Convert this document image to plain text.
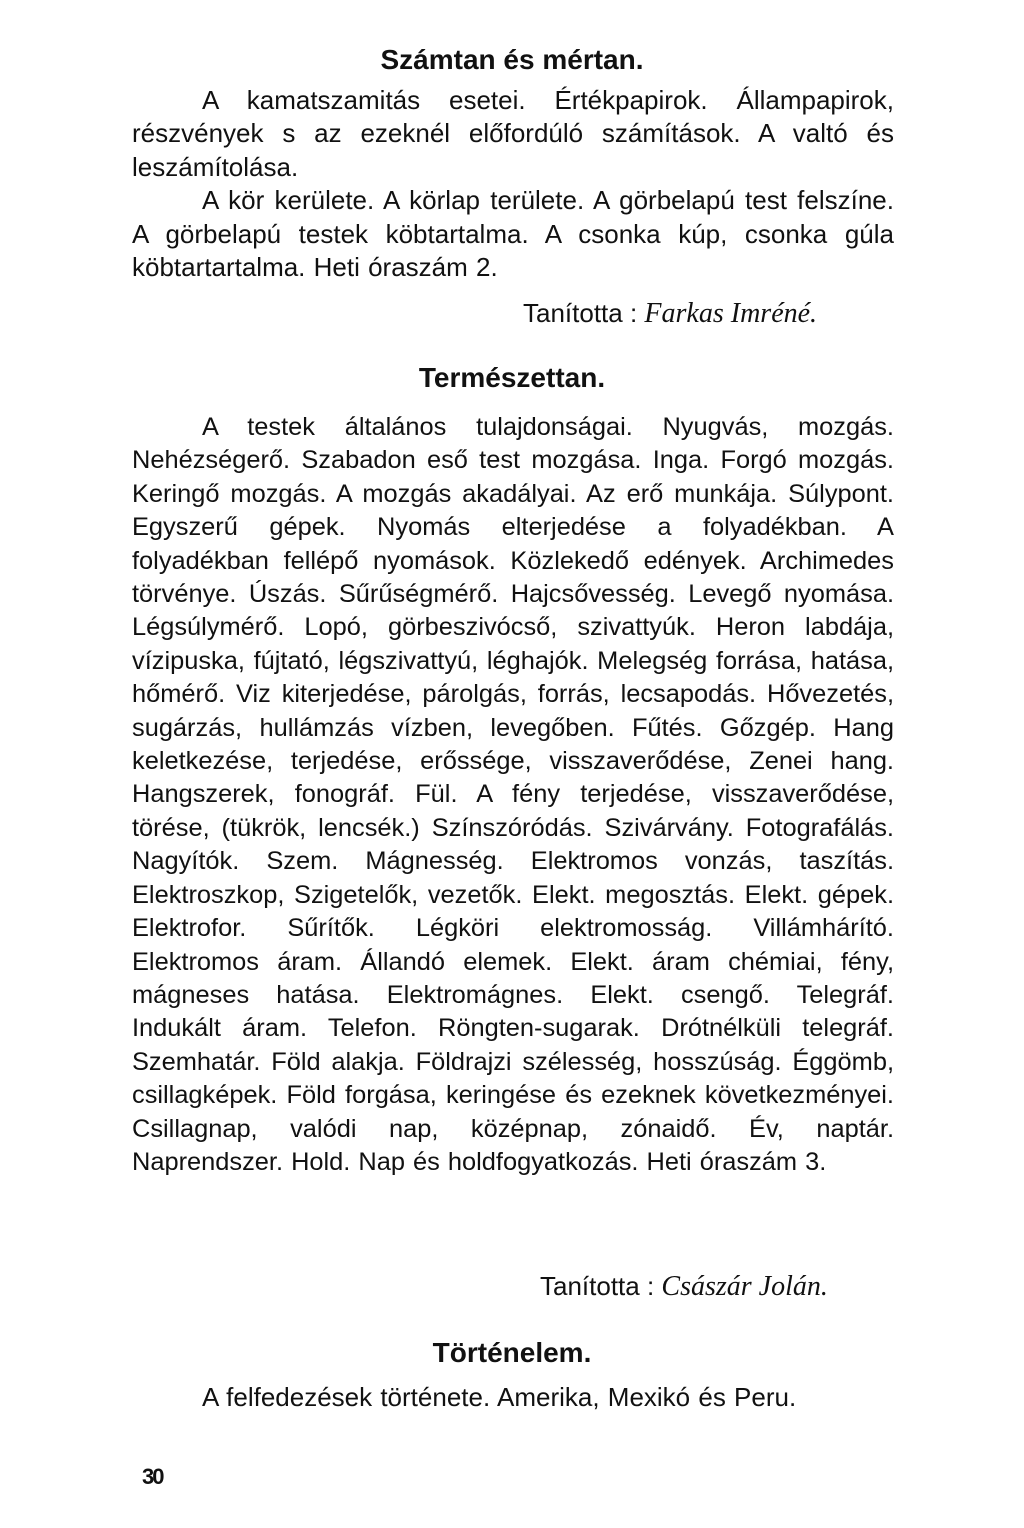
Számtan és mértan.

A kamatszamitás esetei. Értékpapirok. Állampapirok, részvények s az ezeknél előfordúló számítások. A valtó és leszámítolása.

A kör kerülete. A körlap területe. A görbelapú test felszíne. A görbelapú testek köbtartalma. A csonka kúp, csonka gúla köbtartartalma. Heti óraszám 2.

Tanította : Farkas Imréné.
Természettan.

A testek általános tulajdonságai. Nyugvás, mozgás. Nehézségerő. Szabadon eső test mozgása. Inga. Forgó mozgás. Keringő mozgás. A mozgás akadályai. Az erő munkája. Súlypont. Egyszerű gépek. Nyomás elterjedése a folyadékban. A folyadékban fellépő nyomások. Közlekedő edények. Archimedes törvénye. Úszás. Sűrűségmérő. Hajcsővesség. Levegő nyomása. Légsúlymérő. Lopó, görbeszivócső, szivattyúk. Heron labdája, vízipuska, fújtató, légszivattyú, léghajók. Melegség forrása, hatása, hőmérő. Viz kiterjedése, párolgás, forrás, lecsapodás. Hővezetés, sugárzás, hullámzás vízben, levegőben. Fűtés. Gőzgép. Hang keletkezése, terjedése, erőssége, visszaverődése, Zenei hang. Hangszerek, fonográf. Fül. A fény terjedése, visszaverődése, törése, (tükrök, lencsék.) Színszóródás. Szivárvány. Fotografálás. Nagyítók. Szem. Mágnesség. Elektromos vonzás, taszítás. Elektroszkop, Szigetelők, vezetők. Elekt. megosztás. Elekt. gépek. Elektrofor. Sűrítők. Légköri elektromosság. Villámhárító. Elektromos áram. Állandó elemek. Elekt. áram chémiai, fény, mágneses hatása. Elektromágnes. Elekt. csengő. Telegráf. Indukált áram. Telefon. Röngten-sugarak. Drótnélküli telegráf. Szemhatár. Föld alakja. Földrajzi szélesség, hosszúság. Éggömb, csillagképek. Föld forgása, keringése és ezeknek következményei. Csillagnap, valódi nap, középnap, zónaidő. Év, naptár. Naprendszer. Hold. Nap és holdfogyatkozás. Heti óraszám 3.

Tanította : Császár Jolán.
Történelem.

A felfedezések története. Amerika, Mexikó és Peru.

30
